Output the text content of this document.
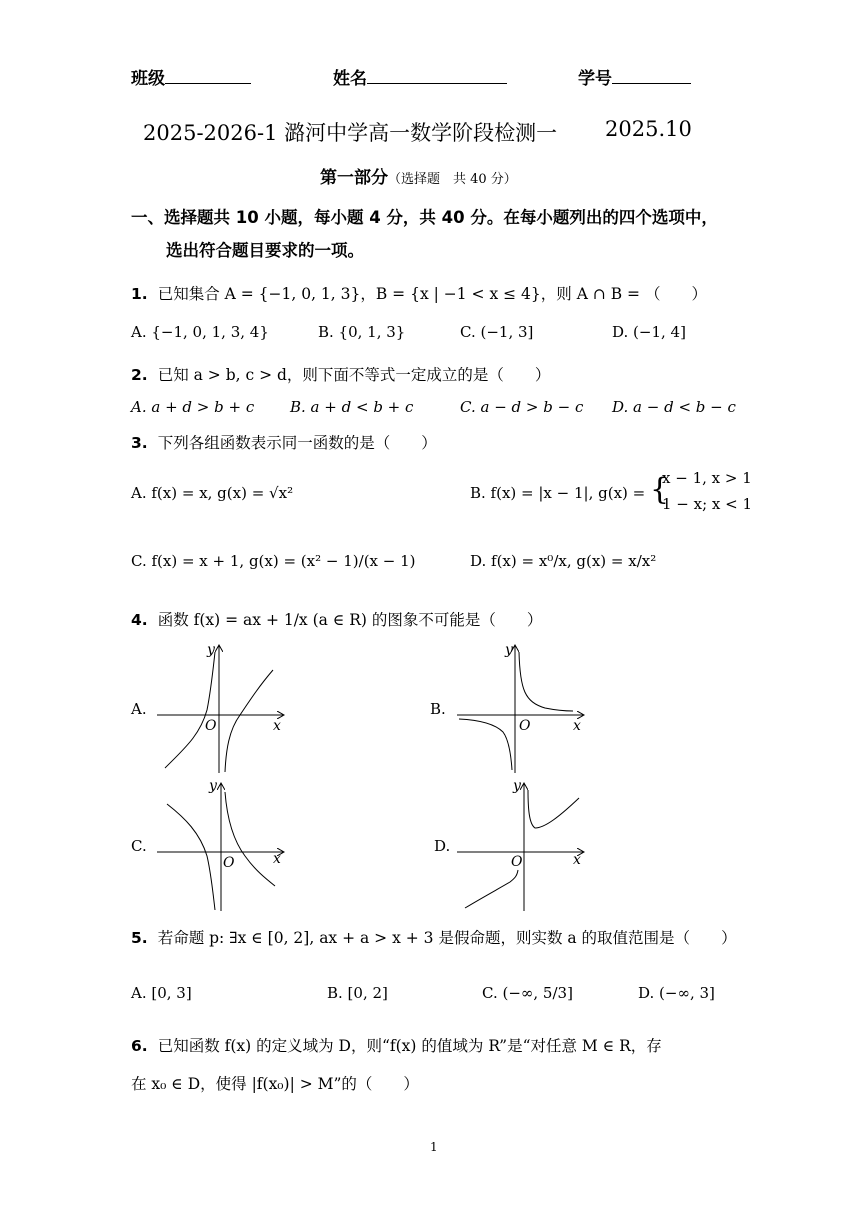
班级	姓名	学号
2025-2026-1 潞河中学高一数学阶段检测一 2025.10
第一部分（选择题　共 40 分）
一、选择题共 10 小题，每小题 4 分，共 40 分。在每小题列出的四个选项中，
选出符合题目要求的一项。
1. 已知集合 A = {−1, 0, 1, 3}，B = {x | −1 < x ≤ 4}，则 A ∩ B = （　　）
A. {−1, 0, 1, 3, 4}	B. {0, 1, 3}	C. (−1, 3]	D. (−1, 4]
2. 已知 a > b, c > d，则下面不等式一定成立的是（　　）
A. a + d > b + c B. a + d < b + c	C. a − d > b − c D. a − d < b − c
3. 下列各组函数表示同一函数的是（　　）
A. f(x) = x, g(x) = √x²	B. f(x) = |x − 1|, g(x) = {
x − 1, x > 1
1 − x; x < 1
C. f(x) = x + 1, g(x) = (x² − 1)/(x − 1)	D. f(x) = x⁰/x, g(x) = x/x²
4. 函数 f(x) = ax + 1/x (a ∈ R) 的图象不可能是（　　）
A.	B.
C.	D.
O	x
y
O	x
y
O	x
y
O	x
y
5. 若命题 p: ∃x ∈ [0, 2], ax + a > x + 3 是假命题，则实数 a 的取值范围是（　　）
A. [0, 3]	B. [0, 2]	C. (−∞, 5/3]	D. (−∞, 3]
6. 已知函数 f(x) 的定义域为 D，则“f(x) 的值域为 R”是“对任意 M ∈ R，存
在 x₀ ∈ D，使得 |f(x₀)| > M”的（　　）
1
